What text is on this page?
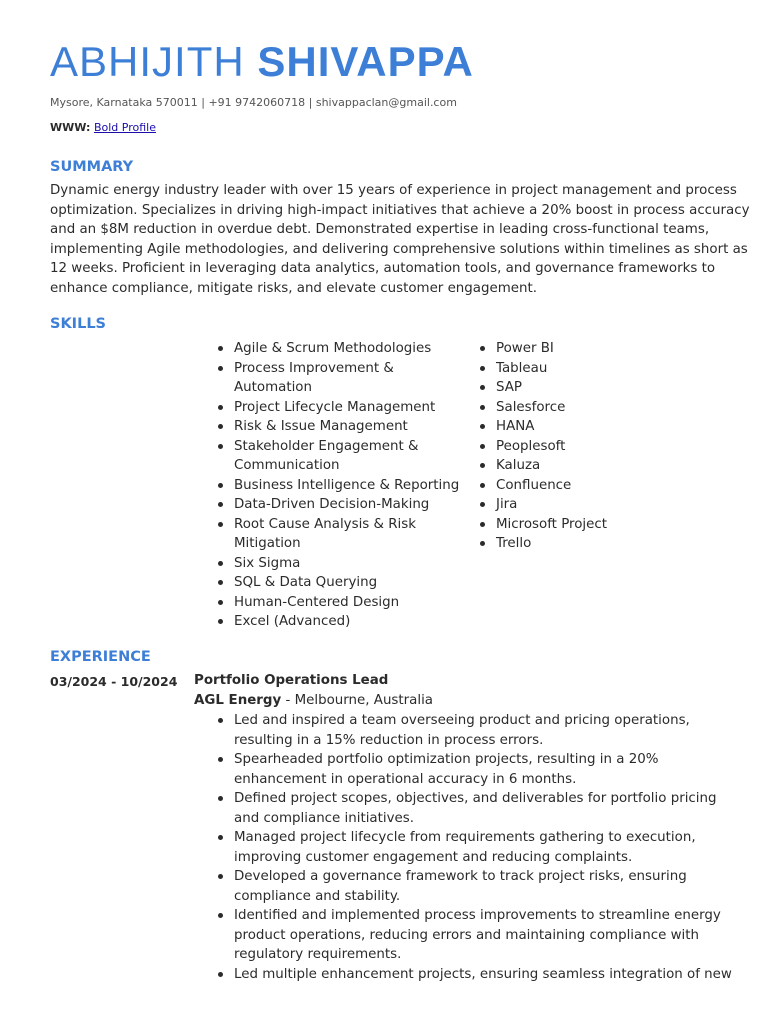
ABHIJITH SHIVAPPA
Mysore, Karnataka 570011 | +91 9742060718 | shivappaclan@gmail.com
WWW: Bold Profile
SUMMARY
Dynamic energy industry leader with over 15 years of experience in project management and process
optimization. Specializes in driving high-impact initiatives that achieve a 20% boost in process accuracy
and an $8M reduction in overdue debt. Demonstrated expertise in leading cross-functional teams,
implementing Agile methodologies, and delivering comprehensive solutions within timelines as short as
12 weeks. Proficient in leveraging data analytics, automation tools, and governance frameworks to
enhance compliance, mitigate risks, and elevate customer engagement.
SKILLS
Agile & Scrum Methodologies
Process Improvement &
Automation
Project Lifecycle Management
Risk & Issue Management
Stakeholder Engagement &
Communication
Business Intelligence & Reporting
Data-Driven Decision-Making
Root Cause Analysis & Risk
Mitigation
Six Sigma
SQL & Data Querying
Human-Centered Design
Excel (Advanced)
Power BI
Tableau
SAP
Salesforce
HANA
Peoplesoft
Kaluza
Confluence
Jira
Microsoft Project
Trello
EXPERIENCE
03/2024 - 10/2024 Portfolio Operations Lead
AGL Energy - Melbourne, Australia
Led and inspired a team overseeing product and pricing operations,
resulting in a 15% reduction in process errors.
Spearheaded portfolio optimization projects, resulting in a 20%
enhancement in operational accuracy in 6 months.
Defined project scopes, objectives, and deliverables for portfolio pricing
and compliance initiatives.
Managed project lifecycle from requirements gathering to execution,
improving customer engagement and reducing complaints.
Developed a governance framework to track project risks, ensuring
compliance and stability.
Identified and implemented process improvements to streamline energy
product operations, reducing errors and maintaining compliance with
regulatory requirements.
Led multiple enhancement projects, ensuring seamless integration of new
